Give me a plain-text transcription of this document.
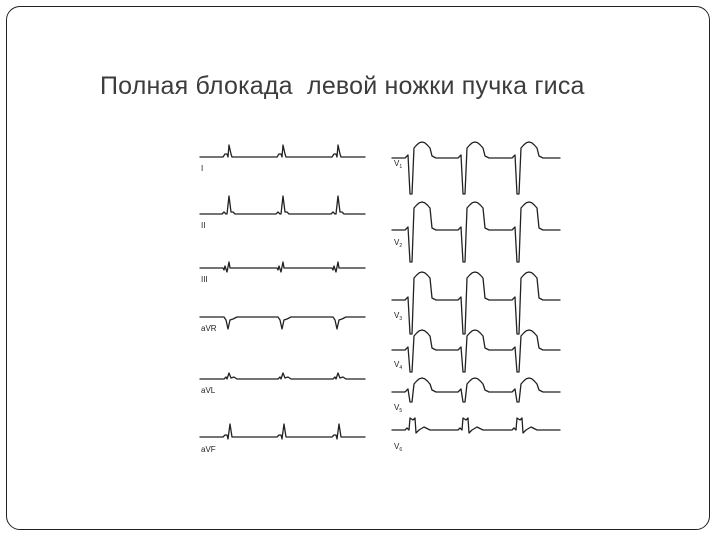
Полная блокада  левой ножки пучка гиса
I
II
III
aVR
aVL
aVF
$V_1$
$V_2$
$V_3$
$V_4$
$V_5$
$V_6$
